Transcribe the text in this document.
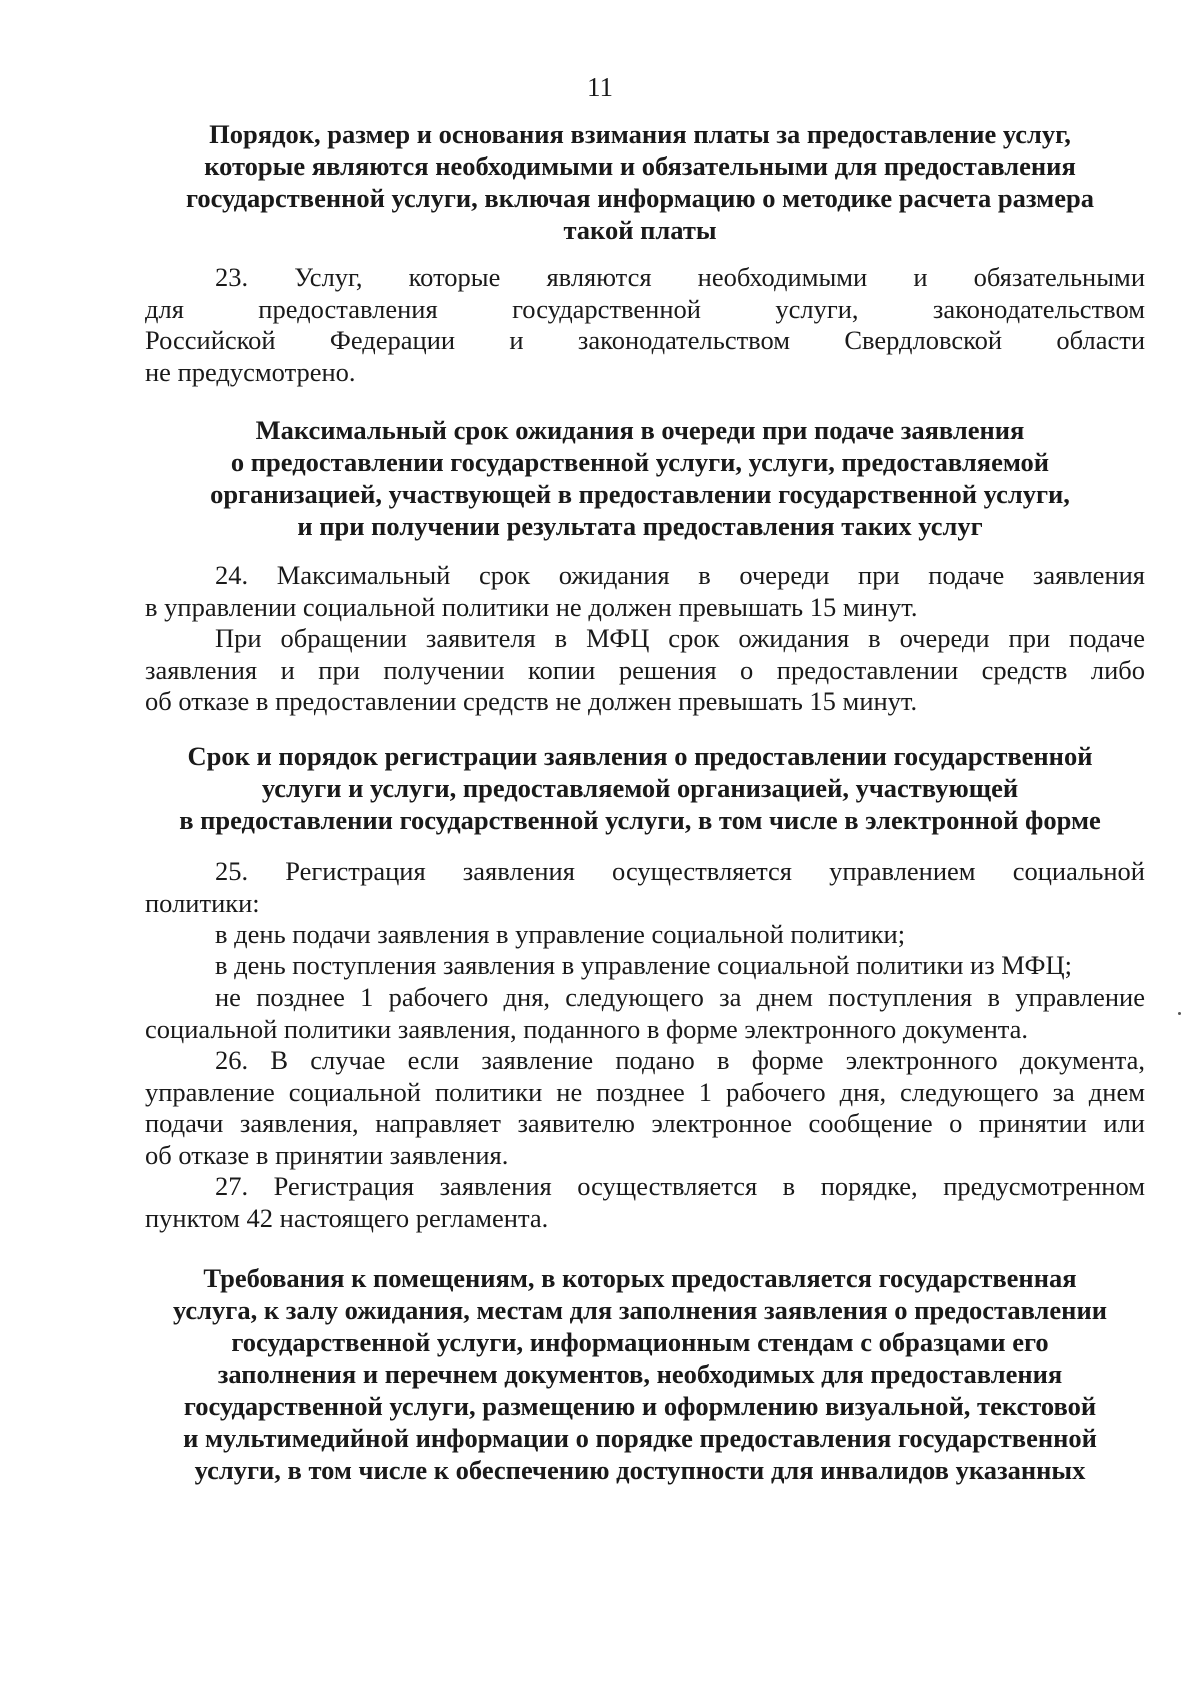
11
Порядок, размер и основания взимания платы за предоставление услуг,
которые являются необходимыми и обязательными для предоставления
государственной услуги, включая информацию о методике расчета размера
такой платы
23. Услуг, которые являются необходимыми и обязательными
для предоставления государственной услуги, законодательством
Российской Федерации и законодательством Свердловской области
не предусмотрено.
Максимальный срок ожидания в очереди при подаче заявления
о предоставлении государственной услуги, услуги, предоставляемой
организацией, участвующей в предоставлении государственной услуги,
и при получении результата предоставления таких услуг
24. Максимальный срок ожидания в очереди при подаче заявления
в управлении социальной политики не должен превышать 15 минут.
При обращении заявителя в МФЦ срок ожидания в очереди при подаче
заявления и при получении копии решения о предоставлении средств либо
об отказе в предоставлении средств не должен превышать 15 минут.
Срок и порядок регистрации заявления о предоставлении государственной
услуги и услуги, предоставляемой организацией, участвующей
в предоставлении государственной услуги, в том числе в электронной форме
25. Регистрация заявления осуществляется управлением социальной
политики:
в день подачи заявления в управление социальной политики;
в день поступления заявления в управление социальной политики из МФЦ;
не позднее 1 рабочего дня, следующего за днем поступления в управление
социальной политики заявления, поданного в форме электронного документа.
26. В случае если заявление подано в форме электронного документа,
управление социальной политики не позднее 1 рабочего дня, следующего за днем
подачи заявления, направляет заявителю электронное сообщение о принятии или
об отказе в принятии заявления.
27. Регистрация заявления осуществляется в порядке, предусмотренном
пунктом 42 настоящего регламента.
Требования к помещениям, в которых предоставляется государственная
услуга, к залу ожидания, местам для заполнения заявления о предоставлении
государственной услуги, информационным стендам с образцами его
заполнения и перечнем документов, необходимых для предоставления
государственной услуги, размещению и оформлению визуальной, текстовой
и мультимедийной информации о порядке предоставления государственной
услуги, в том числе к обеспечению доступности для инвалидов указанных
